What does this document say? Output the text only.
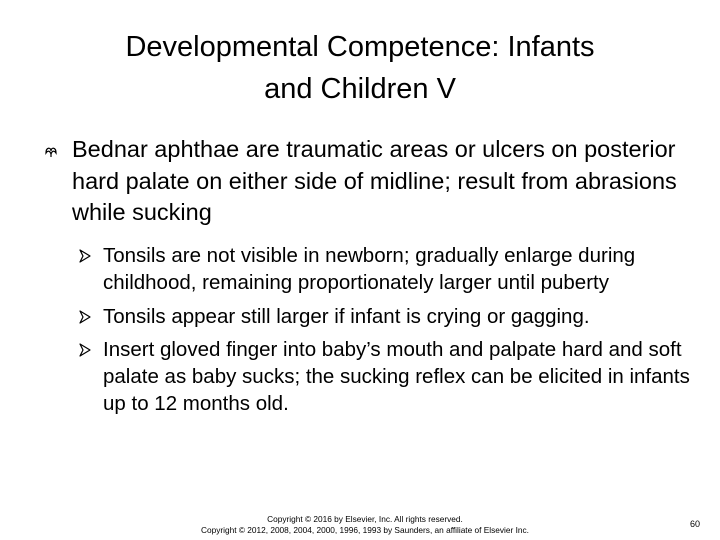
Developmental Competence: Infants
and Children V
Bednar aphthae are traumatic areas or ulcers on posterior hard palate on either side of midline; result from abrasions while sucking
Tonsils are not visible in newborn; gradually enlarge during childhood, remaining proportionately larger until puberty
Tonsils appear still larger if infant is crying or gagging.
Insert gloved finger into baby’s mouth and palpate hard and soft palate as baby sucks; the sucking reflex can be elicited in infants up to 12 months old.
Copyright © 2016 by Elsevier, Inc. All rights reserved.
Copyright © 2012, 2008, 2004, 2000, 1996, 1993 by Saunders, an affiliate of Elsevier Inc.
60
